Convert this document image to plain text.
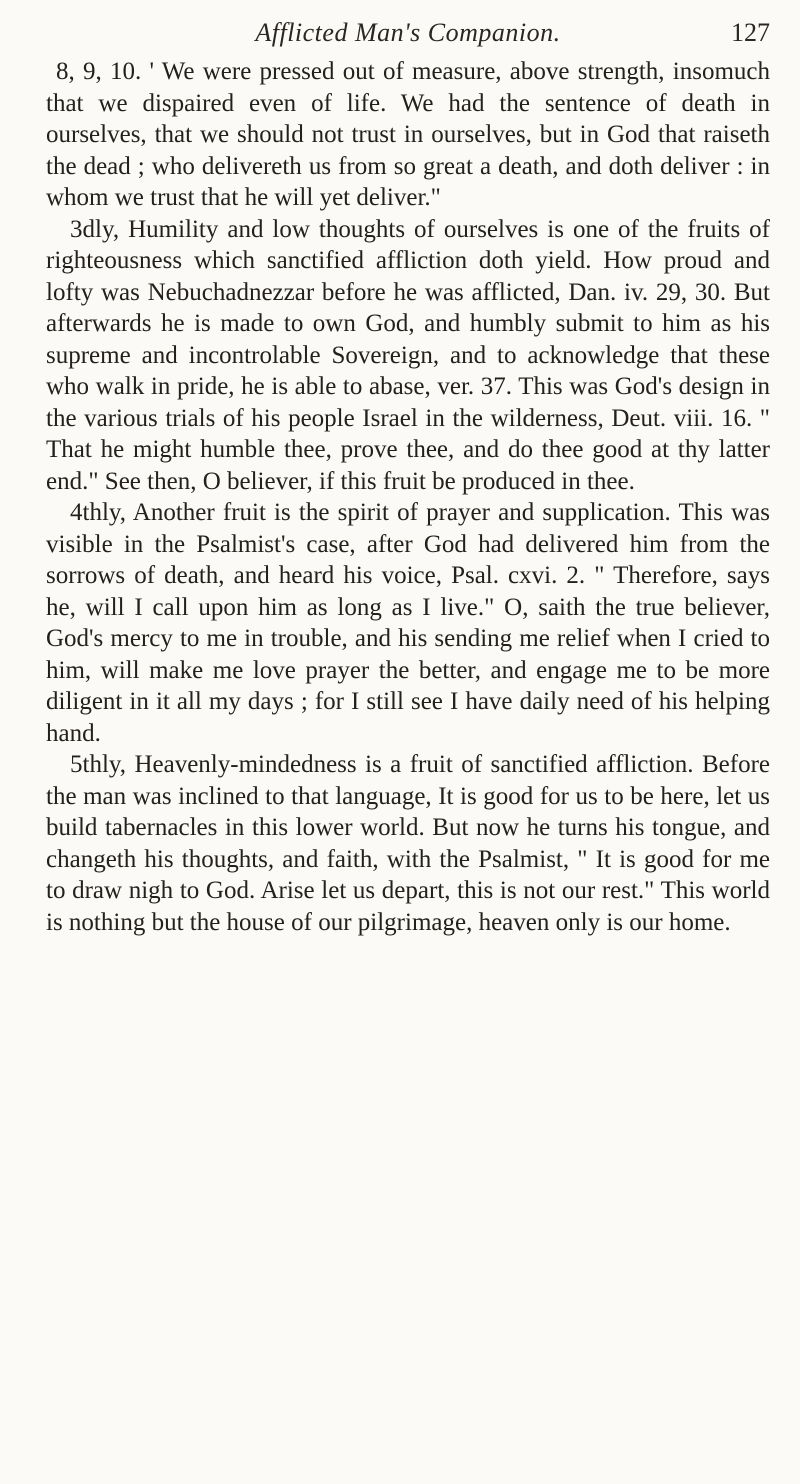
Afflicted Man's Companion.	127

8, 9, 10. ' We were pressed out of measure, above strength, insomuch that we dispaired even of life. We had the sentence of death in ourselves, that we should not trust in ourselves, but in God that raiseth the dead ; who delivereth us from so great a death, and doth deliver : in whom we trust that he will yet deliver."

3dly, Humility and low thoughts of ourselves is one of the fruits of righteousness which sanctified affliction doth yield. How proud and lofty was Nebuchadnezzar before he was afflicted, Dan. iv. 29, 30. But afterwards he is made to own God, and humbly submit to him as his supreme and incontrolable Sovereign, and to acknowledge that these who walk in pride, he is able to abase, ver. 37. This was God's design in the various trials of his people Israel in the wilderness, Deut. viii. 16. " That he might humble thee, prove thee, and do thee good at thy latter end." See then, O believer, if this fruit be produced in thee.

4thly, Another fruit is the spirit of prayer and supplication. This was visible in the Psalmist's case, after God had delivered him from the sorrows of death, and heard his voice, Psal. cxvi. 2. " Therefore, says he, will I call upon him as long as I live." O, saith the true believer, God's mercy to me in trouble, and his sending me relief when I cried to him, will make me love prayer the better, and engage me to be more diligent in it all my days ; for I still see I have daily need of his helping hand.

5thly, Heavenly-mindedness is a fruit of sanctified affliction. Before the man was inclined to that language, It is good for us to be here, let us build tabernacles in this lower world. But now he turns his tongue, and changeth his thoughts, and faith, with the Psalmist, " It is good for me to draw nigh to God. Arise let us depart, this is not our rest." This world is nothing but the house of our pilgrimage, heaven only is our home.
